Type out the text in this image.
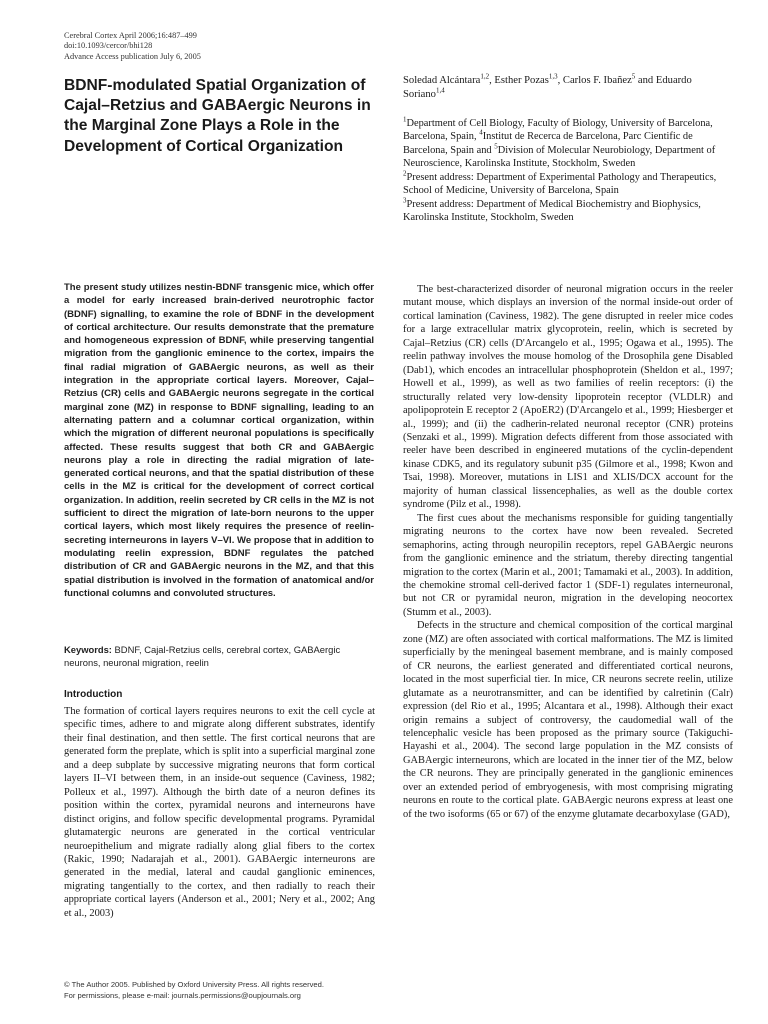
Cerebral Cortex April 2006;16:487–499
doi:10.1093/cercor/bhi128
Advance Access publication July 6, 2005
BDNF-modulated Spatial Organization of Cajal–Retzius and GABAergic Neurons in the Marginal Zone Plays a Role in the Development of Cortical Organization
Soledad Alcántara$^{1,2}$, Esther Pozas$^{1,3}$, Carlos F. Ibañez$^5$ and Eduardo Soriano$^{1,4}$

$^1$Department of Cell Biology, Faculty of Biology, University of Barcelona, Barcelona, Spain, $^4$Institut de Recerca de Barcelona, Parc Cientific de Barcelona, Spain and $^5$Division of Molecular Neurobiology, Department of Neuroscience, Karolinska Institute, Stockholm, Sweden

$^2$Present address: Department of Experimental Pathology and Therapeutics, School of Medicine, University of Barcelona, Spain

$^3$Present address: Department of Medical Biochemistry and Biophysics, Karolinska Institute, Stockholm, Sweden

The present study utilizes nestin-BDNF transgenic mice, which offer a model for early increased brain-derived neurotrophic factor (BDNF) signalling, to examine the role of BDNF in the development of cortical architecture. Our results demonstrate that the premature and homogeneous expression of BDNF, while preserving tangential migration from the ganglionic eminence to the cortex, impairs the final radial migration of GABAergic neurons, as well as their integration in the appropriate cortical layers. Moreover, Cajal–Retzius (CR) cells and GABAergic neurons segregate in the cortical marginal zone (MZ) in response to BDNF signalling, leading to an alternating pattern and a columnar cortical organization, within which the migration of different neuronal populations is specifically affected. These results suggest that both CR and GABAergic neurons play a role in directing the radial migration of late-generated cortical neurons, and that the spatial distribution of these cells in the MZ is critical for the development of correct cortical organization. In addition, reelin secreted by CR cells in the MZ is not sufficient to direct the migration of late-born neurons to the upper cortical layers, which most likely requires the presence of reelin-secreting interneurons in layers V–VI. We propose that in addition to modulating reelin expression, BDNF regulates the patched distribution of CR and GABAergic neurons in the MZ, and that this spatial distribution is involved in the formation of anatomical and/or functional columns and convoluted structures.

Keywords: BDNF, Cajal-Retzius cells, cerebral cortex, GABAergic neurons, neuronal migration, reelin
Introduction

The formation of cortical layers requires neurons to exit the cell cycle at specific times, adhere to and migrate along different substrates, identify their final destination, and then settle. The first cortical neurons that are generated form the preplate, which is split into a superficial marginal zone and a deep subplate by successive migrating neurons that form cortical layers II–VI between them, in an inside-out sequence (Caviness, 1982; Polleux et al., 1997). Although the birth date of a neuron defines its position within the cortex, pyramidal neurons and interneurons have distinct origins, and follow specific developmental programs. Pyramidal glutamatergic neurons are generated in the cortical ventricular neuroepithelium and migrate radially along glial fibers to the cortex (Rakic, 1990; Nadarajah et al., 2001). GABAergic interneurons are generated in the medial, lateral and caudal ganglionic eminences, migrating tangentially to the cortex, and then radially to reach their appropriate cortical layers (Anderson et al., 2001; Nery et al., 2002; Ang et al., 2003)

The best-characterized disorder of neuronal migration occurs in the reeler mutant mouse, which displays an inversion of the normal inside-out order of cortical lamination (Caviness, 1982). The gene disrupted in reeler mice codes for a large extracellular matrix glycoprotein, reelin, which is secreted by Cajal–Retzius (CR) cells (D'Arcangelo et al., 1995; Ogawa et al., 1995). The reelin pathway involves the mouse homolog of the Drosophila gene Disabled (Dab1), which encodes an intracellular phosphoprotein (Sheldon et al., 1997; Howell et al., 1999), as well as two families of reelin receptors: (i) the structurally related very low-density lipoprotein receptor (VLDLR) and apolipoprotein E receptor 2 (ApoER2) (D'Arcangelo et al., 1999; Hiesberger et al., 1999); and (ii) the cadherin-related neuronal receptor (CNR) proteins (Senzaki et al., 1999). Migration defects different from those associated with reeler have been described in engineered mutations of the cyclin-dependent kinase CDK5, and its regulatory subunit p35 (Gilmore et al., 1998; Kwon and Tsai, 1998). Moreover, mutations in LIS1 and XLIS/DCX account for the majority of human classical lissencephalies, as well as the double cortex syndrome (Pilz et al., 1998).

The first cues about the mechanisms responsible for guiding tangentially migrating neurons to the cortex have now been revealed. Secreted semaphorins, acting through neuropilin receptors, repel GABAergic neurons from the ganglionic eminence and the striatum, thereby directing tangential migration to the cortex (Marin et al., 2001; Tamamaki et al., 2003). In addition, the chemokine stromal cell-derived factor 1 (SDF-1) regulates interneuronal, but not CR or pyramidal neuron, migration in the developing neocortex (Stumm et al., 2003).

Defects in the structure and chemical composition of the cortical marginal zone (MZ) are often associated with cortical malformations. The MZ is limited superficially by the meningeal basement membrane, and is mainly composed of CR neurons, the earliest generated and differentiated cortical neurons, located in the most superficial tier. In mice, CR neurons secrete reelin, utilize glutamate as a neurotransmitter, and can be identified by calretinin (Calr) expression (del Rio et al., 1995; Alcantara et al., 1998). Although their exact origin remains a subject of controversy, the caudomedial wall of the telencephalic vesicle has been proposed as the primary source (Takiguchi-Hayashi et al., 2004). The second large population in the MZ consists of GABAergic interneurons, which are located in the inner tier of the MZ, below the CR neurons. They are principally generated in the ganglionic eminences over an extended period of embryogenesis, with most comprising migrating neurons en route to the cortical plate. GABAergic neurons express at least one of the two isoforms (65 or 67) of the enzyme glutamate decarboxylase (GAD),

© The Author 2005. Published by Oxford University Press. All rights reserved.
For permissions, please e-mail: journals.permissions@oupjournals.org
